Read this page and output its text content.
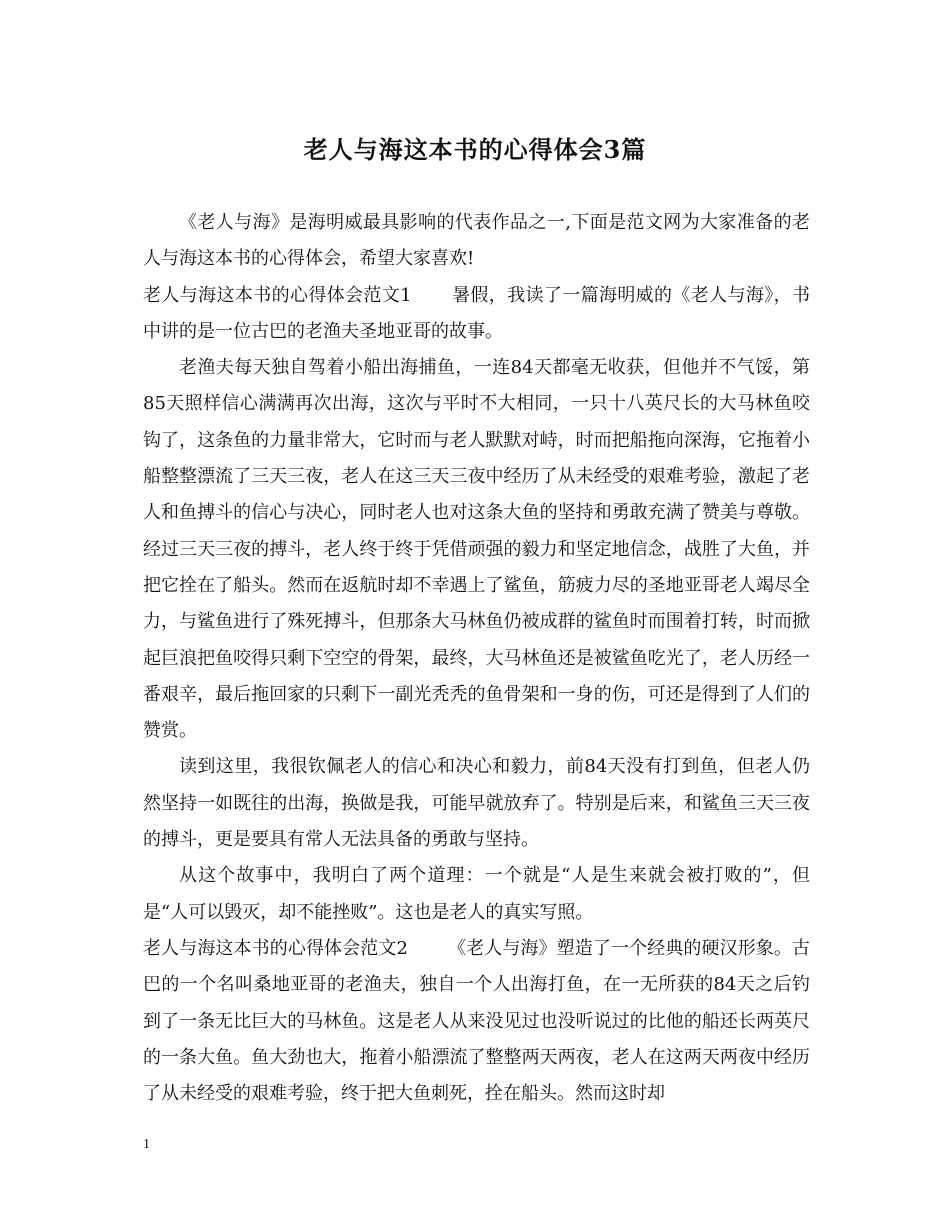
老人与海这本书的心得体会3篇

《老人与海》是海明威最具影响的代表作品之一,下面是范文网为大家准备的老人与海这本书的心得体会，希望大家喜欢!

老人与海这本书的心得体会范文1 暑假，我读了一篇海明威的《老人与海》，书中讲的是一位古巴的老渔夫圣地亚哥的故事。

老渔夫每天独自驾着小船出海捕鱼，一连84天都毫无收获，但他并不气馁，第85天照样信心满满再次出海，这次与平时不大相同，一只十八英尺长的大马林鱼咬钩了，这条鱼的力量非常大，它时而与老人默默对峙，时而把船拖向深海，它拖着小船整整漂流了三天三夜，老人在这三天三夜中经历了从未经受的艰难考验，激起了老人和鱼搏斗的信心与决心，同时老人也对这条大鱼的坚持和勇敢充满了赞美与尊敬。经过三天三夜的搏斗，老人终于终于凭借顽强的毅力和坚定地信念，战胜了大鱼，并把它拴在了船头。然而在返航时却不幸遇上了鲨鱼，筋疲力尽的圣地亚哥老人竭尽全力，与鲨鱼进行了殊死搏斗，但那条大马林鱼仍被成群的鲨鱼时而围着打转，时而掀起巨浪把鱼咬得只剩下空空的骨架，最终，大马林鱼还是被鲨鱼吃光了，老人历经一番艰辛，最后拖回家的只剩下一副光秃秃的鱼骨架和一身的伤，可还是得到了人们的赞赏。

读到这里，我很钦佩老人的信心和决心和毅力，前84天没有打到鱼，但老人仍然坚持一如既往的出海，换做是我，可能早就放弃了。特别是后来，和鲨鱼三天三夜的搏斗，更是要具有常人无法具备的勇敢与坚持。

从这个故事中，我明白了两个道理：一个就是“人是生来就会被打败的”，但是“人可以毁灭，却不能挫败”。这也是老人的真实写照。

老人与海这本书的心得体会范文2 《老人与海》塑造了一个经典的硬汉形象。古巴的一个名叫桑地亚哥的老渔夫，独自一个人出海打鱼，在一无所获的84天之后钓到了一条无比巨大的马林鱼。这是老人从来没见过也没听说过的比他的船还长两英尺的一条大鱼。鱼大劲也大，拖着小船漂流了整整两天两夜，老人在这两天两夜中经历了从未经受的艰难考验，终于把大鱼刺死，拴在船头。然而这时却

1
